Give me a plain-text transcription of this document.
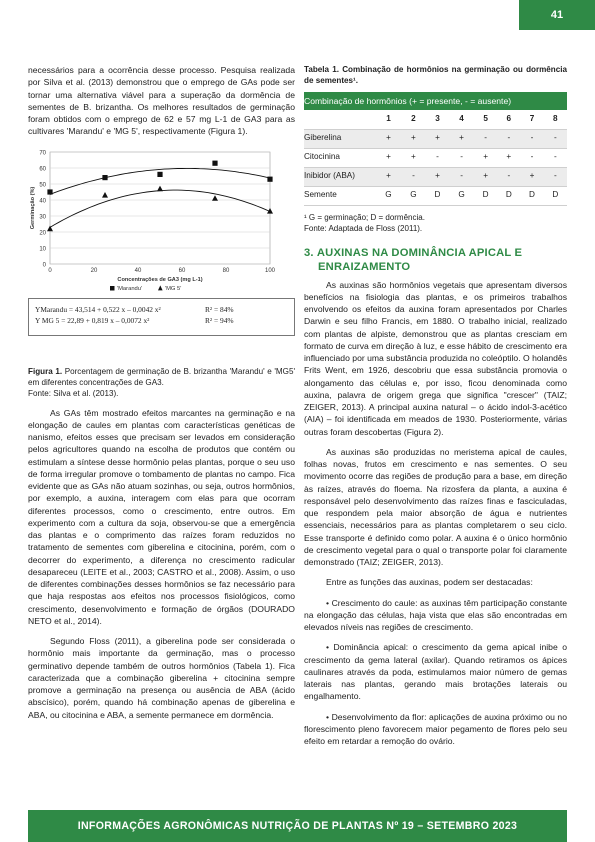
41

necessários para a ocorrência desse processo. Pesquisa realizada por Silva et al. (2013) demonstrou que o emprego de GAs pode ser tornar uma alternativa viável para a superação da dormência de sementes de B. brizantha. Os melhores resultados de germinação foram obtidos com o emprego de 62 e 57 mg L-1 de GA3 para as cultivares 'Marandu' e 'MG 5', respectivamente (Figura 1).

0
10
20
30
40
50
60
70
0	20	40	60	80	100
Concentrações de GA3 (mg L-1)
Germinação (%)
'Marandu'	'MG 5'
YMarandu = 43,514 + 0,522 x – 0,0042 x²	R² = 84%
Y MG 5 = 22,89 + 0,819 x – 0,0072 x²	R² = 94%
Figura 1. Porcentagem de germinação de B. brizantha 'Marandu' e 'MG5' em diferentes concentrações de GA3.
Fonte: Silva et al. (2013).

As GAs têm mostrado efeitos marcantes na germinação e na elongação de caules em plantas com características genéticas de nanismo, efeitos esses que precisam ser levados em consideração pelos agricultores quando na escolha de produtos que contém ou estimulam a síntese desse hormônio pelas plantas, porque o seu uso de forma irregular promove o tombamento de plantas no campo. Fica evidente que as GAs não atuam sozinhas, ou seja, outros hormônios, por exemplo, a auxina, interagem com elas para que ocorram diferentes processos, como o crescimento, entre outros. Em experimento com a cultura da soja, observou-se que a emergência das plantas e o comprimento das raízes foram reduzidos no tratamento de sementes com giberelina e citocinina, porém, com o decorrer do experimento, a diferença no crescimento radicular desapareceu (LEITE et al., 2003; CASTRO et al., 2008). Assim, o uso de diferentes combinações desses hormônios se faz necessário para que haja respostas aos efeitos nos processos fisiológicos, como crescimento, desenvolvimento e formação de órgãos (DOURADO NETO et al., 2014).

Segundo Floss (2011), a giberelina pode ser considerada o hormônio mais importante da germinação, mas o processo germinativo depende também de outros hormônios (Tabela 1). Fica caracterizada que a combinação giberelina + citocinina sempre promove a germinação na presença ou ausência de ABA (ácido abscísico), porém, quando há combinação apenas de giberelina e ABA, ou citocinina e ABA, a semente permanece em dormência.

Tabela 1. Combinação de hormônios na germinação ou dormência de sementes¹.
Combinação de hormônios (+ = presente, - = ausente)								
	1	2	3	4	5	6	7	8
Giberelina	+	+	+	+	-	-	-	-
Citocinina	+	+	-	-	+	+	-	-
Inibidor (ABA)	+	-	+	-	+	-	+	-
Semente	G	G	D	G	D	D	D	D
¹ G = germinação; D = dormência.
Fonte: Adaptada de Floss (2011).
3. AUXINAS NA DOMINÂNCIA APICAL E
ENRAIZAMENTO

As auxinas são hormônios vegetais que apresentam diversos benefícios na fisiologia das plantas, e os primeiros trabalhos envolvendo os efeitos da auxina foram apresentados por Charles Darwin e seu filho Francis, em 1880. O trabalho inicial, realizado com plantas de alpiste, demonstrou que as plantas cresciam em formato de curva em direção à luz, e esse hábito de crescimento era influenciado por uma substância produzida no coleóptilo. O holandês Frits Went, em 1926, descobriu que essa substância promovia o alongamento das células e, por isso, ficou denominada como auxina, palavra de origem grega que significa "crescer" (TAIZ; ZEIGER, 2013). A principal auxina natural – o ácido indol-3-acético (AIA) – foi identificada em meados de 1930. Posteriormente, várias outras foram descobertas (Figura 2).

As auxinas são produzidas no meristema apical de caules, folhas novas, frutos em crescimento e nas sementes. O seu movimento ocorre das regiões de produção para a base, em direção às raízes, através do floema. Na rizosfera da planta, a auxina é responsável pelo desenvolvimento das raízes finas e fasciculadas, que respondem pela maior absorção de água e nutrientes essenciais, necessários para as plantas completarem o seu ciclo. Esse transporte é definido como polar. A auxina é o único hormônio de crescimento vegetal para o qual o transporte polar foi claramente demonstrado (TAIZ; ZEIGER, 2013).

Entre as funções das auxinas, podem ser destacadas:

• Crescimento do caule: as auxinas têm participação constante na elongação das células, haja vista que elas são encontradas em elevados níveis nas regiões de crescimento.

• Dominância apical: o crescimento da gema apical inibe o crescimento da gema lateral (axilar). Quando retiramos os ápices caulinares através da poda, estimulamos maior número de gemas laterais nas plantas, gerando mais brotações laterais ou engalhamento.

• Desenvolvimento da flor: aplicações de auxina próximo ou no florescimento pleno favorecem maior pegamento de flores pelo seu efeito em retardar a remoção do ovário.

INFORMAÇÕES AGRONÔMICAS NUTRIÇÃO DE PLANTAS Nº 19 – SETEMBRO 2023
